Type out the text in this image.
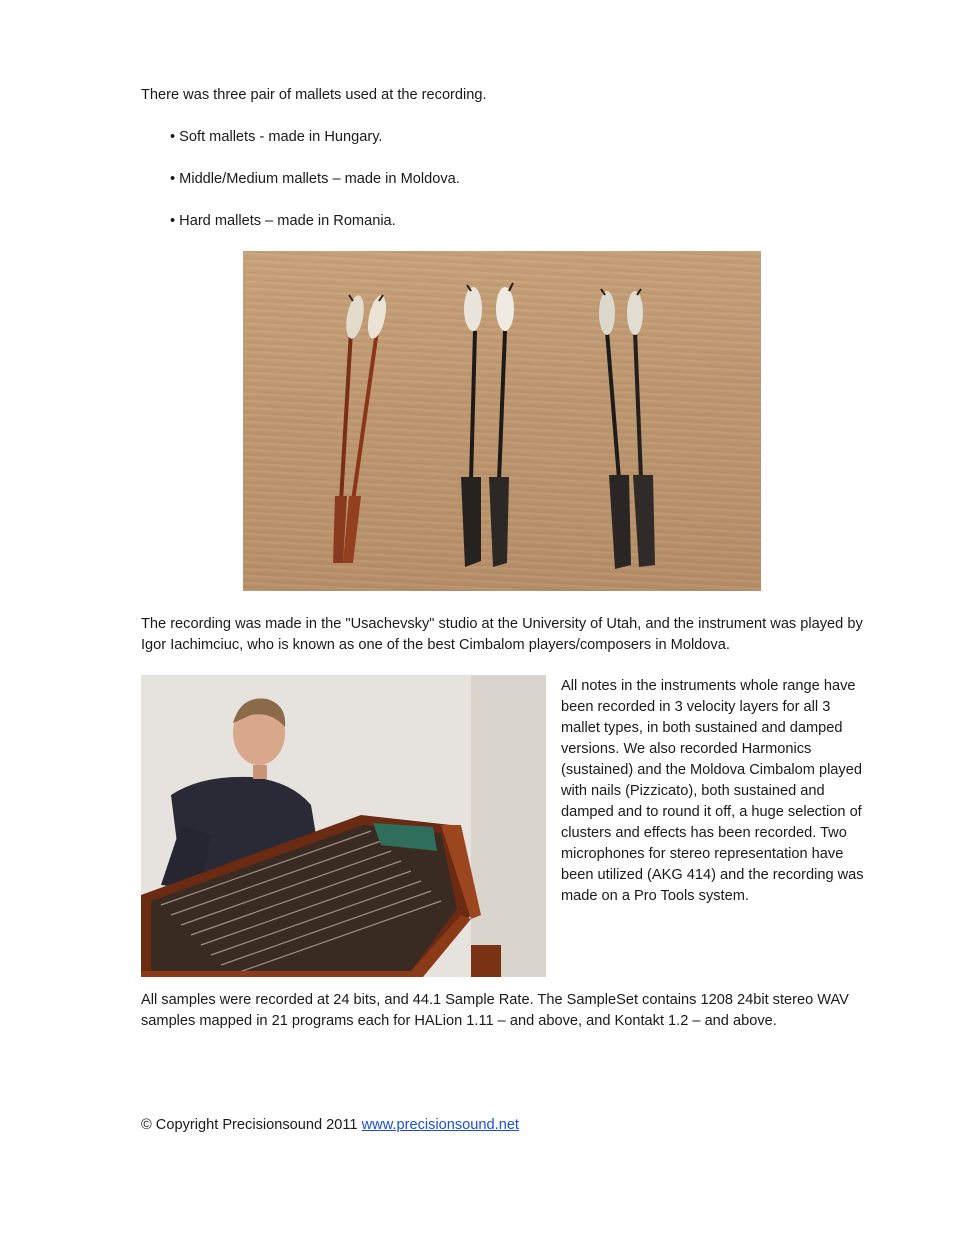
There was three pair of mallets used at the recording.
• Soft mallets - made in Hungary.
• Middle/Medium mallets – made in Moldova.
• Hard mallets – made in Romania.
The recording was made in the "Usachevsky" studio at the University of Utah, and the instrument was played by Igor Iachimciuc, who is known as one of the best Cimbalom players/composers in Moldova.
All notes in the instruments whole range have been recorded in 3 velocity layers for all 3 mallet types, in both sustained and damped versions. We also recorded Harmonics (sustained) and the Moldova Cimbalom played with nails (Pizzicato), both sustained and damped and to round it off, a huge selection of clusters and effects has been recorded. Two microphones for stereo representation have been utilized (AKG 414) and the recording was made on a Pro Tools system.
All samples were recorded at 24 bits, and 44.1 Sample Rate. The SampleSet contains 1208 24bit stereo WAV samples mapped in 21 programs each for HALion 1.11 – and above, and Kontakt 1.2 – and above.
© Copyright Precisionsound 2011 www.precisionsound.net
